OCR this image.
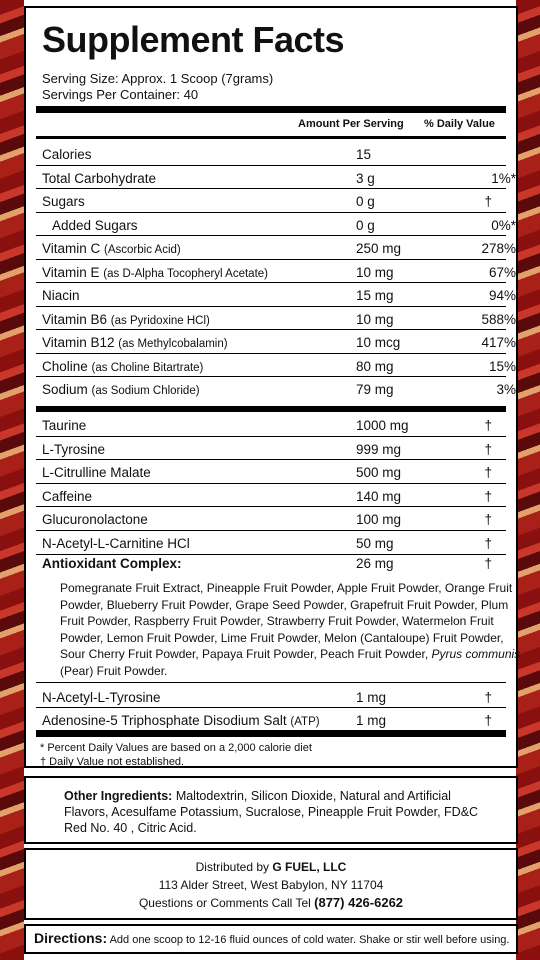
Supplement Facts
Serving Size: Approx. 1 Scoop (7grams)
Servings Per Container: 40
Amount Per Serving % Daily Value
Calories	15
Total Carbohydrate	3 g	1%*
Sugars	0 g	†
Added Sugars	0 g	0%*
Vitamin C (Ascorbic Acid)	250 mg	278%
Vitamin E (as D-Alpha Tocopheryl Acetate)	10 mg	67%
Niacin	15 mg	94%
Vitamin B6 (as Pyridoxine HCl)	10 mg	588%
Vitamin B12 (as Methylcobalamin)	10 mcg	417%
Choline (as Choline Bitartrate)	80 mg	15%
Sodium (as Sodium Chloride)	79 mg	3%
Taurine	1000 mg	†
L-Tyrosine	999 mg	†
L-Citrulline Malate	500 mg	†
Caffeine	140 mg	†
Glucuronolactone	100 mg	†
N-Acetyl-L-Carnitine HCl	50 mg	†
Antioxidant Complex:	26 mg	†
Pomegranate Fruit Extract, Pineapple Fruit Powder, Apple Fruit Powder, Orange Fruit Powder, Blueberry Fruit Powder, Grape Seed Powder, Grapefruit Fruit Powder, Plum Fruit Powder, Raspberry Fruit Powder, Strawberry Fruit Powder, Watermelon Fruit Powder, Lemon Fruit Powder, Lime Fruit Powder, Melon (Cantaloupe) Fruit Powder, Sour Cherry Fruit Powder, Papaya Fruit Powder, Peach Fruit Powder, Pyrus communis (Pear) Fruit Powder.
N-Acetyl-L-Tyrosine	1 mg	†
Adenosine-5 Triphosphate Disodium Salt (ATP)	1 mg	†
* Percent Daily Values are based on a 2,000 calorie diet
† Daily Value not established.
Other Ingredients: Maltodextrin, Silicon Dioxide, Natural and Artificial Flavors, Acesulfame Potassium, Sucralose, Pineapple Fruit Powder, FD&C Red No. 40 , Citric Acid.
Distributed by G FUEL, LLC
113 Alder Street, West Babylon, NY 11704
Questions or Comments Call Tel (877) 426-6262
Directions: Add one scoop to 12-16 fluid ounces of cold water. Shake or stir well before using.
